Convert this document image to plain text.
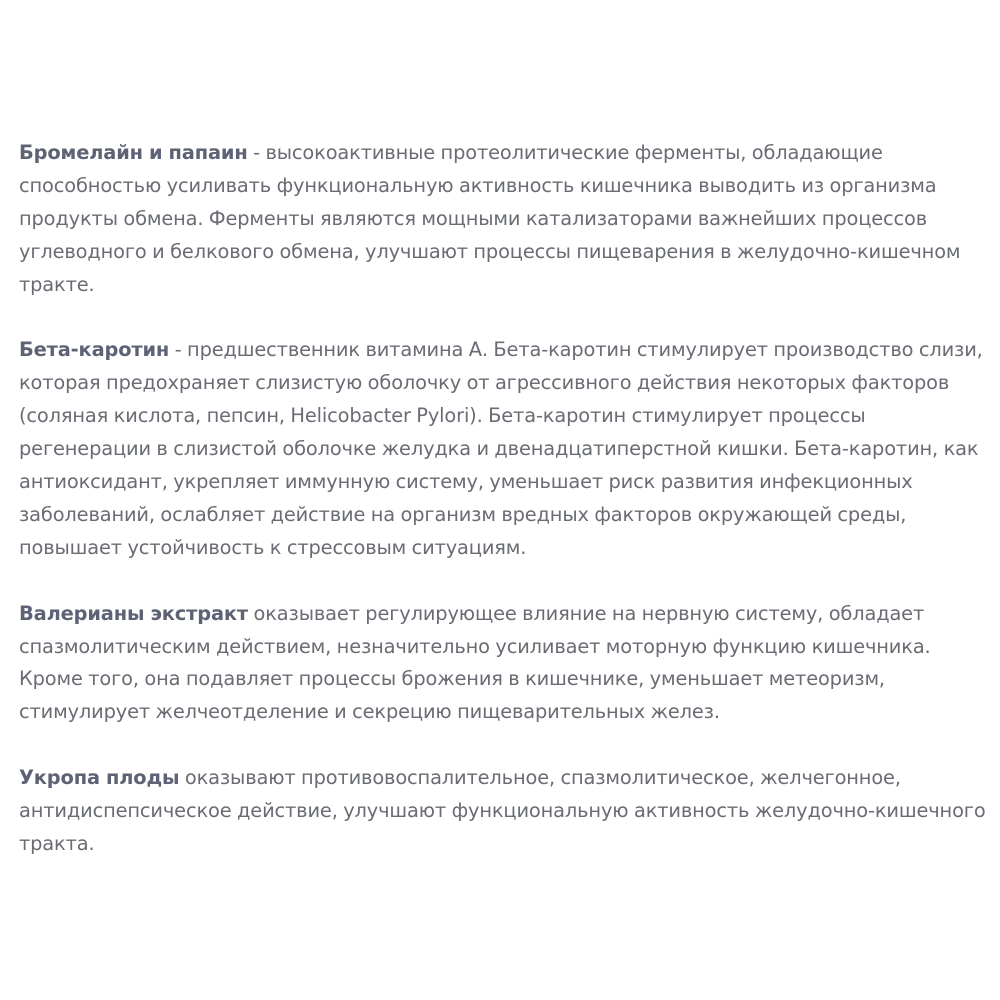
Бромелайн и папаин - высокоактивные протеолитические ферменты, обладающие способностью усиливать функциональную активность кишечника выводить из организма продукты обмена. Ферменты являются мощными катализаторами важнейших процессов углеводного и белкового обмена, улучшают процессы пищеварения в желудочно-кишечном тракте.

Бета-каротин - предшественник витамина А. Бета-каротин стимулирует производство слизи, которая предохраняет слизистую оболочку от агрессивного действия некоторых факторов (соляная кислота, пепсин, Helicobacter Pylori). Бета-каротин стимулирует процессы регенерации в слизистой оболочке желудка и двенадцатиперстной кишки. Бета-каротин, как антиоксидант, укрепляет иммунную систему, уменьшает риск развития инфекционных заболеваний, ослабляет действие на организм вредных факторов окружающей среды, повышает устойчивость к стрессовым ситуациям.

Валерианы экстракт оказывает регулирующее влияние на нервную систему, обладает спазмолитическим действием, незначительно усиливает моторную функцию кишечника. Кроме того, она подавляет процессы брожения в кишечнике, уменьшает метеоризм, стимулирует желчеотделение и секрецию пищеварительных желез.

Укропа плоды оказывают противовоспалительное, спазмолитическое, желчегонное, антидиспепсическое действие, улучшают функциональную активность желудочно-кишечного тракта.
